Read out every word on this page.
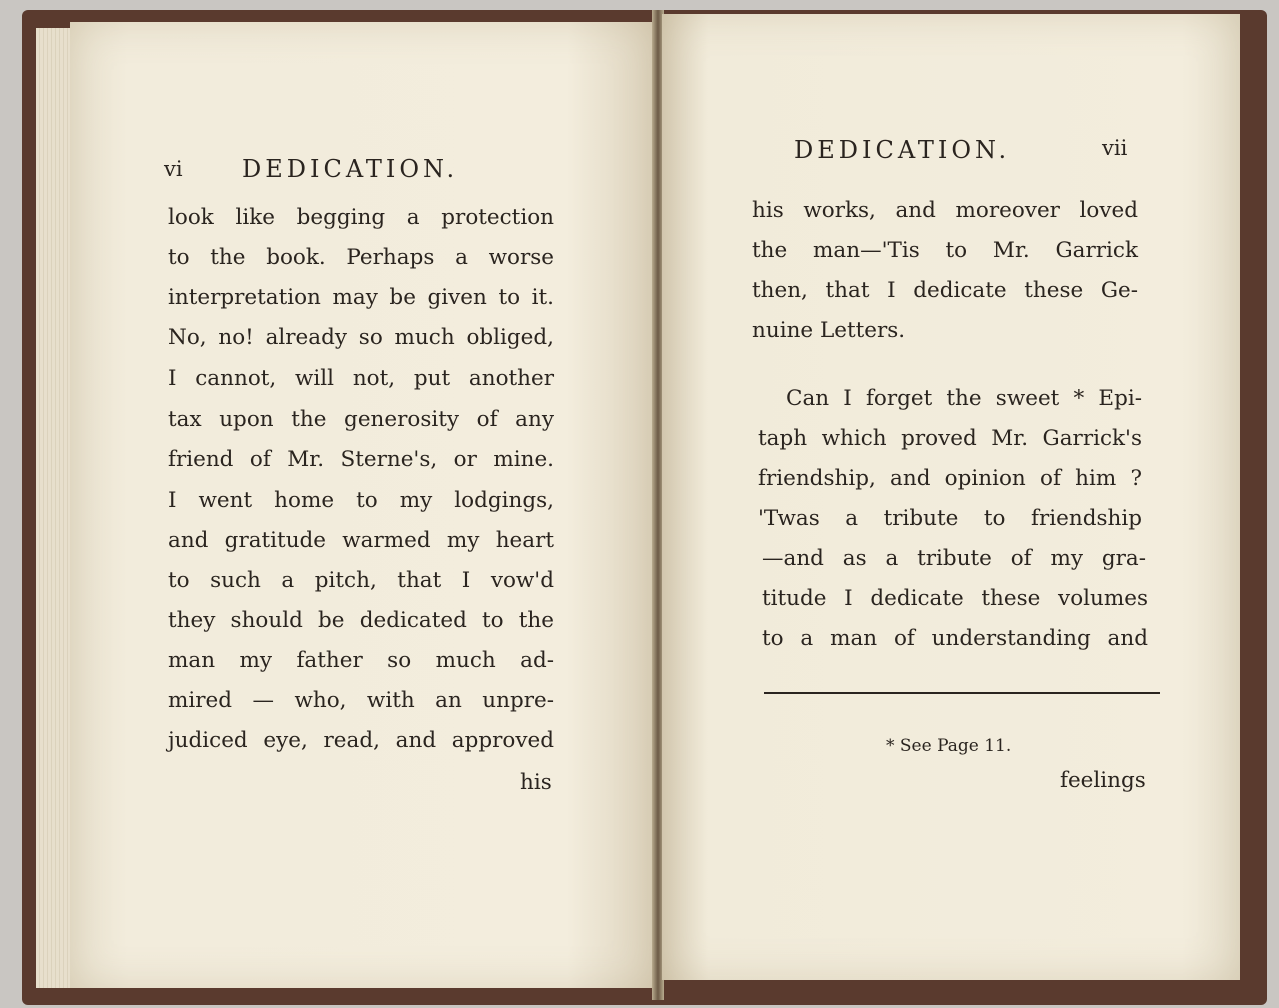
vi DEDICATION.
look like begging a protection
to the book. Perhaps a worse
interpretation may be given to it.
No, no! already so much obliged,
I cannot, will not, put another
tax upon the generosity of any
friend of Mr. Sterne's, or mine.
I went home to my lodgings,
and gratitude warmed my heart
to such a pitch, that I vow'd
they should be dedicated to the
man my father so much ad-
mired — who, with an unpre-
judiced eye, read, and approved
his
DEDICATION.	vii
his works, and moreover loved
the man—'Tis to Mr. Garrick
then, that I dedicate these Ge-
nuine Letters.
Can I forget the sweet * Epi-
taph which proved Mr. Garrick's
friendship, and opinion of him ?
'Twas a tribute to friendship
—and as a tribute of my gra-
titude I dedicate these volumes
to a man of understanding and
* See Page 11.
feelings
